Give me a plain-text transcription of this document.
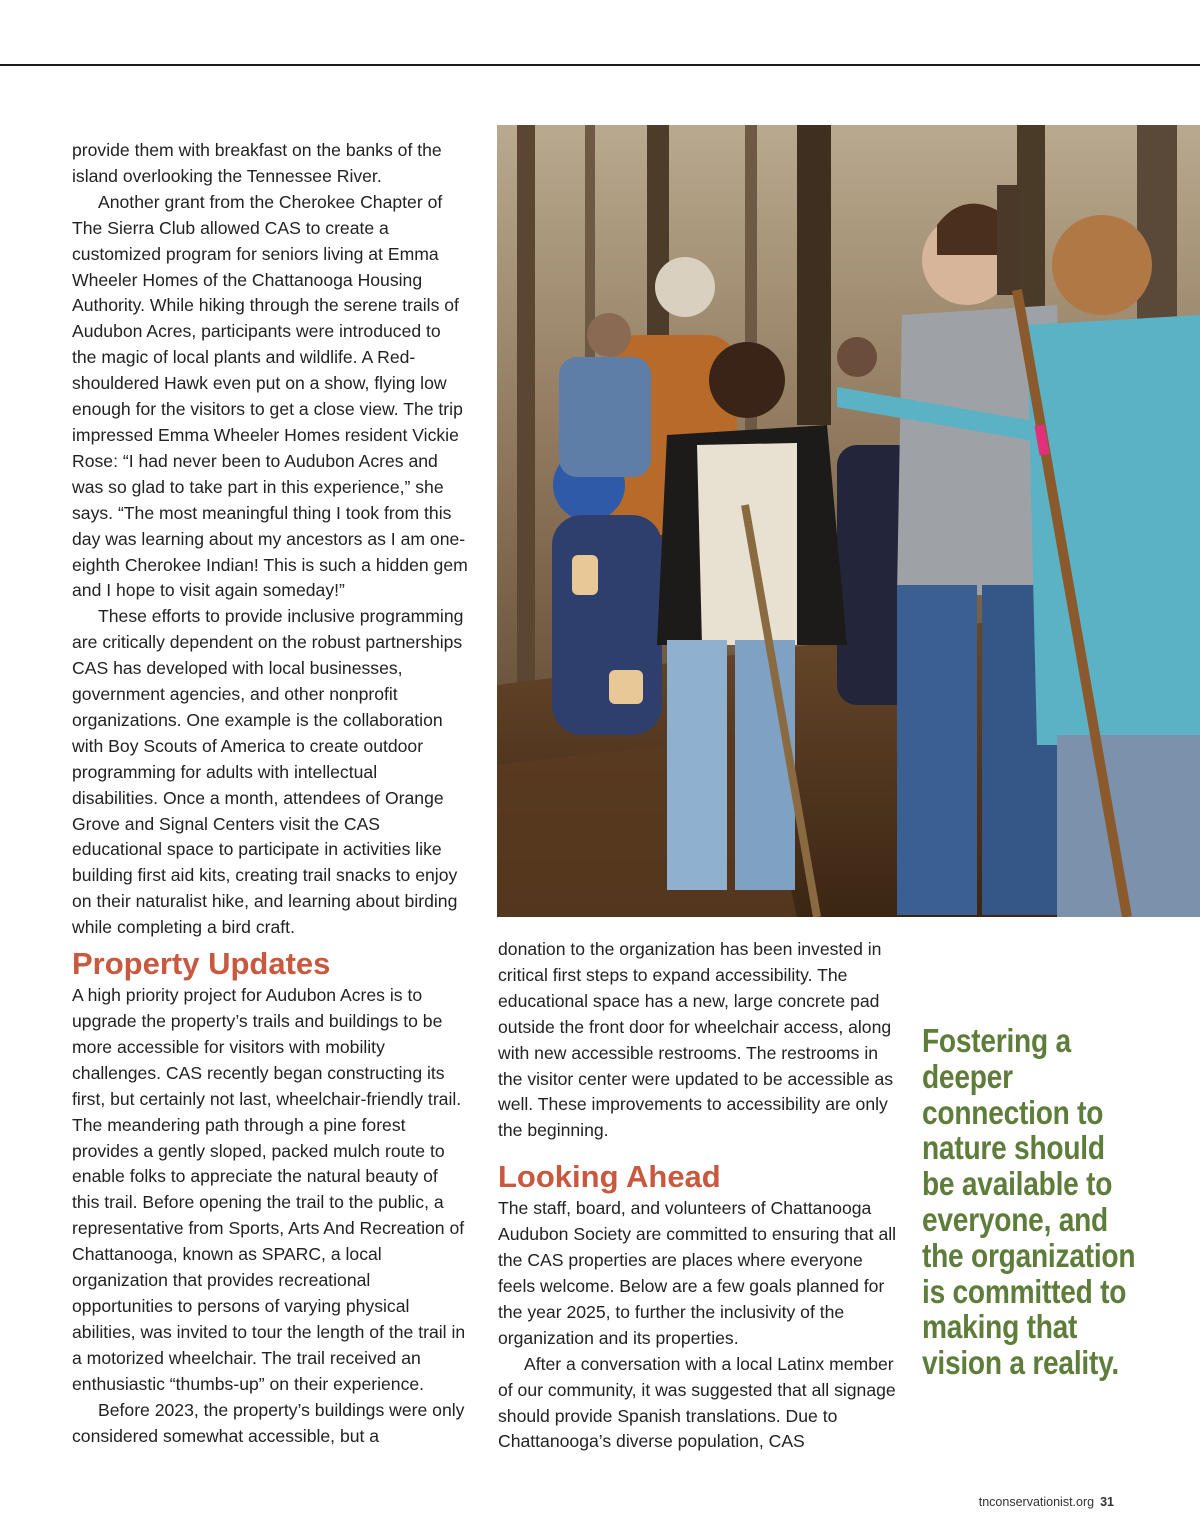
provide them with breakfast on the banks of the island overlooking the Tennessee River.

Another grant from the Cherokee Chapter of The Sierra Club allowed CAS to create a customized program for seniors living at Emma Wheeler Homes of the Chattanooga Housing Authority. While hiking through the serene trails of Audubon Acres, participants were introduced to the magic of local plants and wildlife. A Red-shouldered Hawk even put on a show, flying low enough for the visitors to get a close view. The trip impressed Emma Wheeler Homes resident Vickie Rose: “I had never been to Audubon Acres and was so glad to take part in this experience,” she says. “The most meaningful thing I took from this day was learning about my ancestors as I am one-eighth Cherokee Indian! This is such a hidden gem and I hope to visit again someday!”

These efforts to provide inclusive programming are critically dependent on the robust partnerships CAS has developed with local businesses, government agencies, and other nonprofit organizations. One example is the collaboration with Boy Scouts of America to create outdoor programming for adults with intellectual disabilities. Once a month, attendees of Orange Grove and Signal Centers visit the CAS educational space to participate in activities like building first aid kits, creating trail snacks to enjoy on their naturalist hike, and learning about birding while completing a bird craft.

Property Updates

A high priority project for Audubon Acres is to upgrade the property’s trails and buildings to be more accessible for visitors with mobility challenges. CAS recently began constructing its first, but certainly not last, wheelchair-friendly trail. The meandering path through a pine forest provides a gently sloped, packed mulch route to enable folks to appreciate the natural beauty of this trail. Before opening the trail to the public, a representative from Sports, Arts And Recreation of Chattanooga, known as SPARC, a local organization that provides recreational opportunities to persons of varying physical abilities, was invited to tour the length of the trail in a motorized wheelchair. The trail received an enthusiastic “thumbs-up” on their experience.

Before 2023, the property’s buildings were only considered somewhat accessible, but a

donation to the organization has been invested in critical first steps to expand accessibility. The educational space has a new, large concrete pad outside the front door for wheelchair access, along with new accessible restrooms. The restrooms in the visitor center were updated to be accessible as well. These improvements to accessibility are only the beginning.

Looking Ahead

The staff, board, and volunteers of Chattanooga Audubon Society are committed to ensuring that all the CAS properties are places where everyone feels welcome. Below are a few goals planned for the year 2025, to further the inclusivity of the organization and its properties.

After a conversation with a local Latinx member of our community, it was suggested that all signage should provide Spanish translations. Due to Chattanooga’s diverse population, CAS

Fostering a deeper connection to nature should be available to everyone, and the organization is committed to making that vision a reality.
tnconservationist.org 31
